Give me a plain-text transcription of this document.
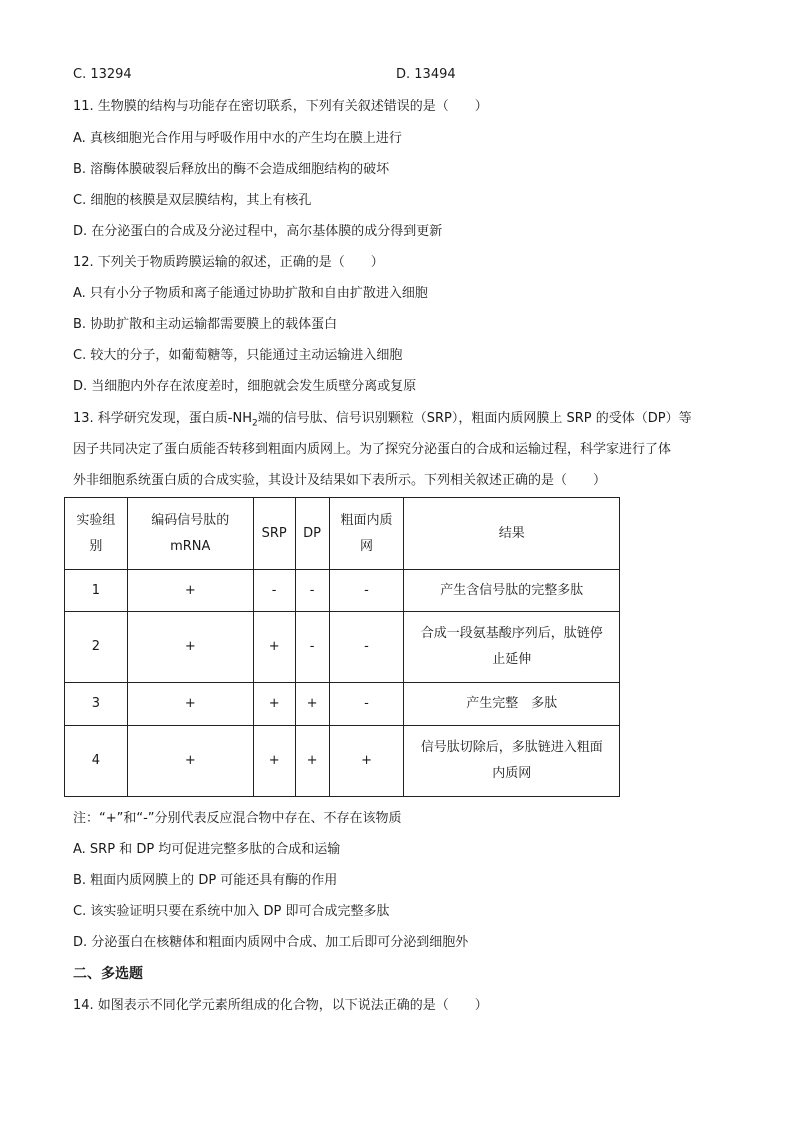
C. 13294	D. 13494
11. 生物膜的结构与功能存在密切联系，下列有关叙述错误的是（　　）
A. 真核细胞光合作用与呼吸作用中水的产生均在膜上进行
B. 溶酶体膜破裂后释放出的酶不会造成细胞结构的破坏
C. 细胞的核膜是双层膜结构，其上有核孔
D. 在分泌蛋白的合成及分泌过程中，高尔基体膜的成分得到更新
12. 下列关于物质跨膜运输的叙述，正确的是（　　）
A. 只有小分子物质和离子能通过协助扩散和自由扩散进入细胞
B. 协助扩散和主动运输都需要膜上的载体蛋白
C. 较大的分子，如葡萄糖等，只能通过主动运输进入细胞
D. 当细胞内外存在浓度差时，细胞就会发生质壁分离或复原
13. 科学研究发现，蛋白质$-NH_2$端的信号肽、信号识别颗粒（SRP），粗面内质网膜上 SRP 的受体（DP）等
因子共同决定了蛋白质能否转移到粗面内质网上。为了探究分泌蛋白的合成和运输过程，科学家进行了体
外非细胞系统蛋白质的合成实验，其设计及结果如下表所示。下列相关叙述正确的是（　　）
实验组
别	编码信号肽的
mRNA	SRP	DP	粗面内质
网	结果
1	+	-	-	-	产生含信号肽的完整多肽
2	+	+	-	-	合成一段氨基酸序列后，肽链停
止延伸
3	+	+	+	-	产生完整　多肽
4	+	+	+	+	信号肽切除后，多肽链进入粗面
内质网
注：“+”和“-”分别代表反应混合物中存在、不存在该物质
A. SRP 和 DP 均可促进完整多肽的合成和运输
B. 粗面内质网膜上的 DP 可能还具有酶的作用
C. 该实验证明只要在系统中加入 DP 即可合成完整多肽
D. 分泌蛋白在核糖体和粗面内质网中合成、加工后即可分泌到细胞外
二、多选题
14. 如图表示不同化学元素所组成的化合物，以下说法正确的是（　　）
